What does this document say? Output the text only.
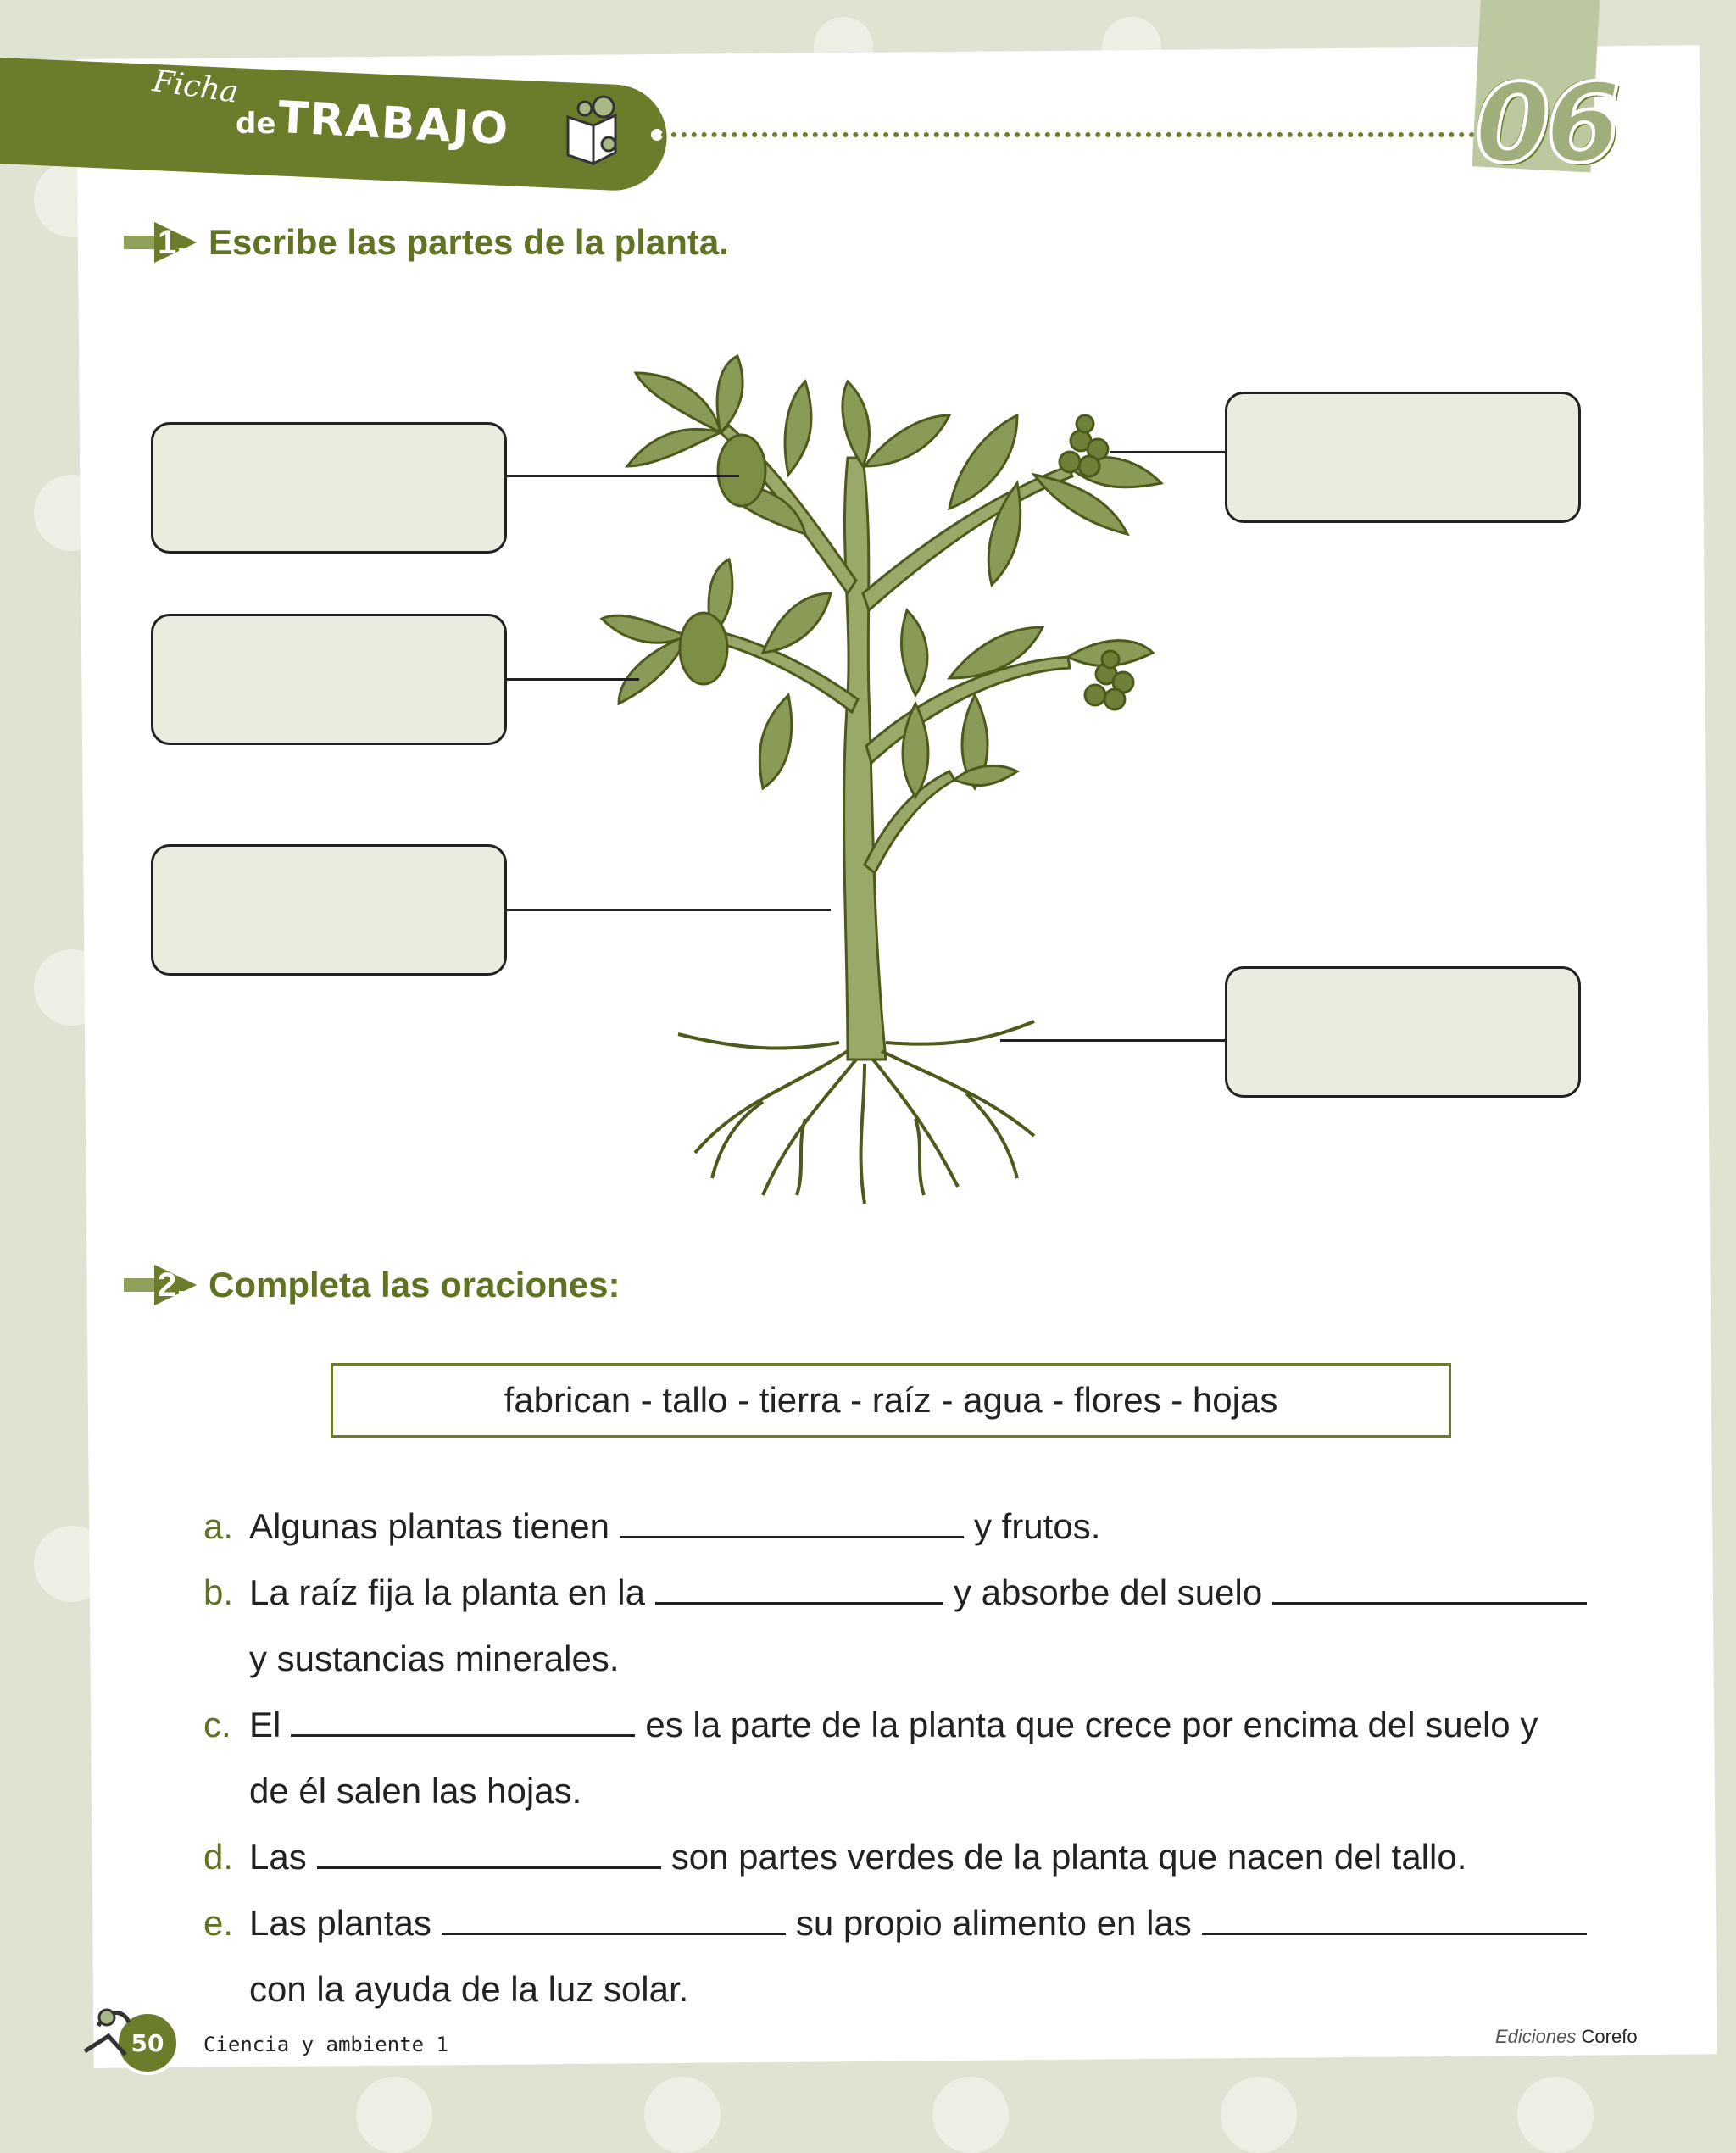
Ficha
de TRABAJO	06
1. Escribe las partes de la planta.
2. Completa las oraciones:
fabrican - tallo - tierra - raíz - agua - flores - hojas
a. Algunas plantas tienen	y frutos.
b. La raíz fija la planta en la	y absorbe del suelo
y sustancias minerales.
c. El	es la parte de la planta que crece por encima del suelo y
de él salen las hojas.
d. Las	son partes verdes de la planta que nacen del tallo.
e. Las plantas	su propio alimento en las
con la ayuda de la luz solar.
50 Ciencia y ambiente 1	Ediciones Corefo
